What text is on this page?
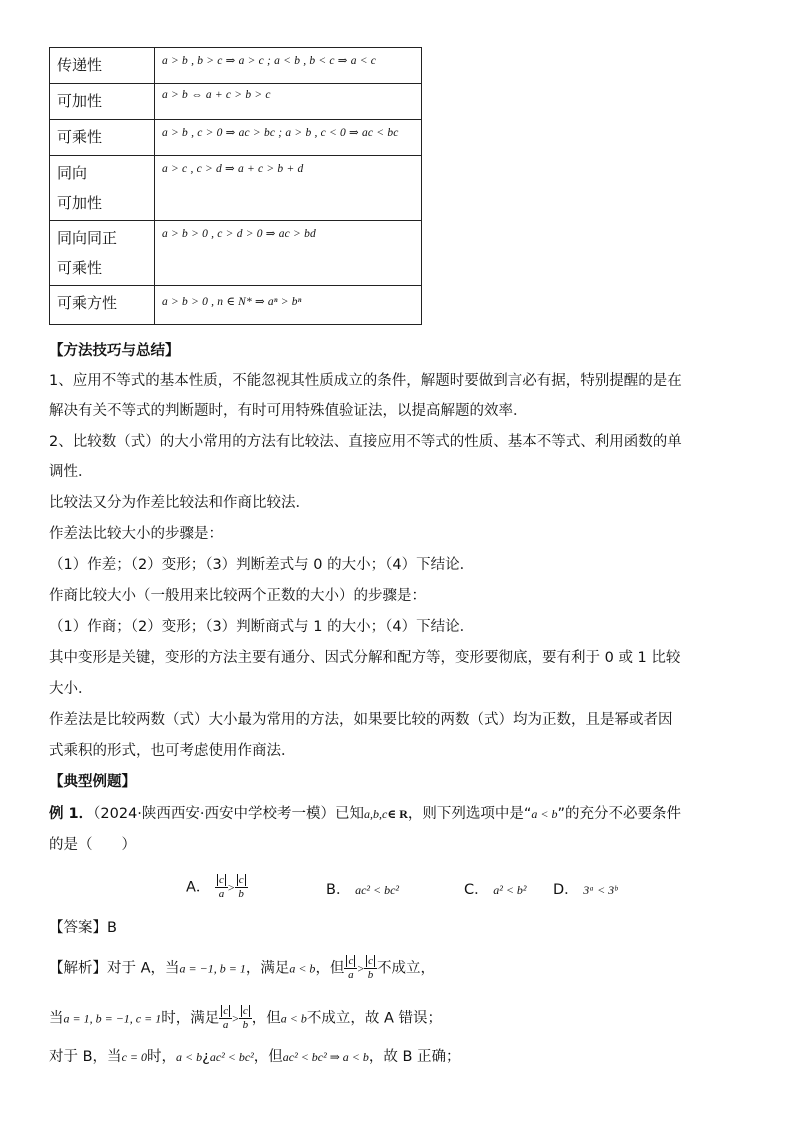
传递性	a > b , b > c ⇒ a > c ; a < b , b < c ⇒ a < c

可加性	a > b ⇔ a + c > b > c

可乘性	a > b , c > 0 ⇒ ac > bc ; a > b , c < 0 ⇒ ac < bc

同向
可加性	a > c , c > d ⇒ a + c > b + d

同向同正
可乘性	a > b > 0 , c > d > 0 ⇒ ac > bd

可乘方性	a > b > 0 , n ∈ N* ⇒ aⁿ > bⁿ
【方法技巧与总结】
1、应用不等式的基本性质，不能忽视其性质成立的条件，解题时要做到言必有据，特别提醒的是在
解决有关不等式的判断题时，有时可用特殊值验证法，以提高解题的效率．
2、比较数（式）的大小常用的方法有比较法、直接应用不等式的性质、基本不等式、利用函数的单
调性．
比较法又分为作差比较法和作商比较法．
作差法比较大小的步骤是：
（1）作差；（2）变形；（3）判断差式与 0 的大小；（4）下结论．
作商比较大小（一般用来比较两个正数的大小）的步骤是：
（1）作商；（2）变形；（3）判断商式与 1 的大小；（4）下结论．
其中变形是关键，变形的方法主要有通分、因式分解和配方等，变形要彻底，要有利于 0 或 1 比较
大小．
作差法是比较两数（式）大小最为常用的方法，如果要比较的两数（式）均为正数，且是幂或者因
式乘积的形式，也可考虑使用作商法．
【典型例题】
例 1．（2024·陕西西安·西安中学校考一模）已知a,b,c∈ R，则下列选项中是“a < b”的充分不必要条件
的是（　　）
A． $\frac{c}{a} > \frac{c}{b}$	B． ac² < bc²	C． a² < b² D． 3ᵃ < 3ᵇ
【答案】B
【解析】对于 A，当a = −1, b = 1，满足a < b，但 $\frac{c}{a} > \frac{c}{b}$ 不成立，
当a = 1, b = −1, c = 1时，满足 $\frac{c}{a} > \frac{c}{b}$ ，但a < b不成立，故 A 错误；
对于 B，当c = 0时，a < b¿ac² < bc²，但ac² < bc² ⇒ a < b，故 B 正确；
